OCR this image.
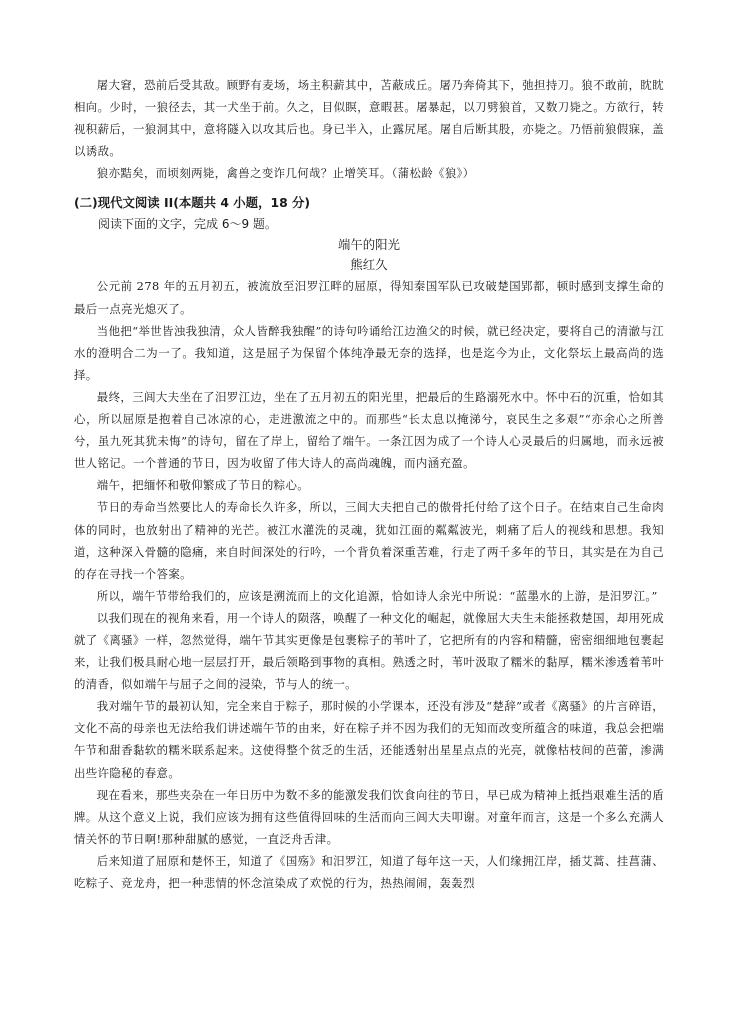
屠大窘，恐前后受其敌。顾野有麦场，场主积薪其中，苫蔽成丘。屠乃奔倚其下，弛担持刀。狼不敢前，眈眈相向。少时，一狼径去，其一犬坐于前。久之，目似瞑，意暇甚。屠暴起，以刀劈狼首，又数刀毙之。方欲行，转视积薪后，一狼洞其中，意将隧入以攻其后也。身已半入，止露尻尾。屠自后断其股，亦毙之。乃悟前狼假寐，盖以诱敌。

狼亦黠矣，而顷刻两毙，禽兽之变诈几何哉？止增笑耳。（蒲松龄《狼》）

(二)现代文阅读 II(本题共 4 小题，18 分)

阅读下面的文字，完成 6～9 题。

端午的阳光

熊红久

公元前 278 年的五月初五，被流放至汨罗江畔的屈原，得知秦国军队已攻破楚国郢都，顿时感到支撑生命的最后一点亮光熄灭了。

当他把“举世皆浊我独清，众人皆醉我独醒”的诗句吟诵给江边渔父的时候，就已经决定，要将自己的清澈与江水的澄明合二为一了。我知道，这是屈子为保留个体纯净最无奈的选择，也是迄今为止，文化祭坛上最高尚的选择。

最终，三闾大夫坐在了汨罗江边，坐在了五月初五的阳光里，把最后的生路溺死水中。怀中石的沉重，恰如其心，所以屈原是抱着自己冰凉的心，走进激流之中的。而那些“长太息以掩涕兮，哀民生之多艰”“亦余心之所善兮，虽九死其犹未悔”的诗句，留在了岸上，留给了端午。一条江因为成了一个诗人心灵最后的归属地，而永远被世人铭记。一个普通的节日，因为收留了伟大诗人的高尚魂魄，而内涵充盈。

端午，把缅怀和敬仰繁成了节日的粽心。

节日的寿命当然要比人的寿命长久许多，所以，三闾大夫把自己的傲骨托付给了这个日子。在结束自己生命肉体的同时，也放射出了精神的光芒。被江水灌洗的灵魂，犹如江面的粼粼波光，刺痛了后人的视线和思想。我知道，这种深入骨髓的隐痛，来自时间深处的行吟，一个背负着深重苦难，行走了两千多年的节日，其实是在为自己的存在寻找一个答案。

所以，端午节带给我们的，应该是溯流而上的文化追源，恰如诗人余光中所说：“蓝墨水的上游，是汨罗江。”

以我们现在的视角来看，用一个诗人的陨落，唤醒了一种文化的崛起，就像屈大夫生未能拯救楚国，却用死成就了《离骚》一样，忽然觉得，端午节其实更像是包裹粽子的苇叶了，它把所有的内容和精髓，密密细细地包裹起来，让我们极具耐心地一层层打开，最后领略到事物的真相。熟透之时，苇叶汲取了糯米的黏厚，糯米渗透着苇叶的清香，似如端午与屈子之间的浸染，节与人的统一。

我对端午节的最初认知，完全来自于粽子，那时候的小学课本，还没有涉及“楚辞”或者《离骚》的片言碎语，文化不高的母亲也无法给我们讲述端午节的由来，好在粽子并不因为我们的无知而改变所蕴含的味道，我总会把端午节和甜香黏软的糯米联系起来。这使得整个贫乏的生活，还能透射出星星点点的光亮，就像枯枝间的芭蕾，渗满出些许隐秘的春意。

现在看来，那些夹杂在一年日历中为数不多的能激发我们饮食向往的节日，早已成为精神上抵挡艰难生活的盾牌。从这个意义上说，我们应该为拥有这些值得回味的生活而向三闾大夫叩谢。对童年而言，这是一个多么充满人情关怀的节日啊!那种甜腻的感觉，一直泛舟舌津。

后来知道了屈原和楚怀王，知道了《国殇》和汨罗江，知道了每年这一天，人们缘拥江岸，插艾蒿、挂菖蒲、吃粽子、竞龙舟，把一种悲情的怀念渲染成了欢悦的行为，热热闹闹，轰轰烈
